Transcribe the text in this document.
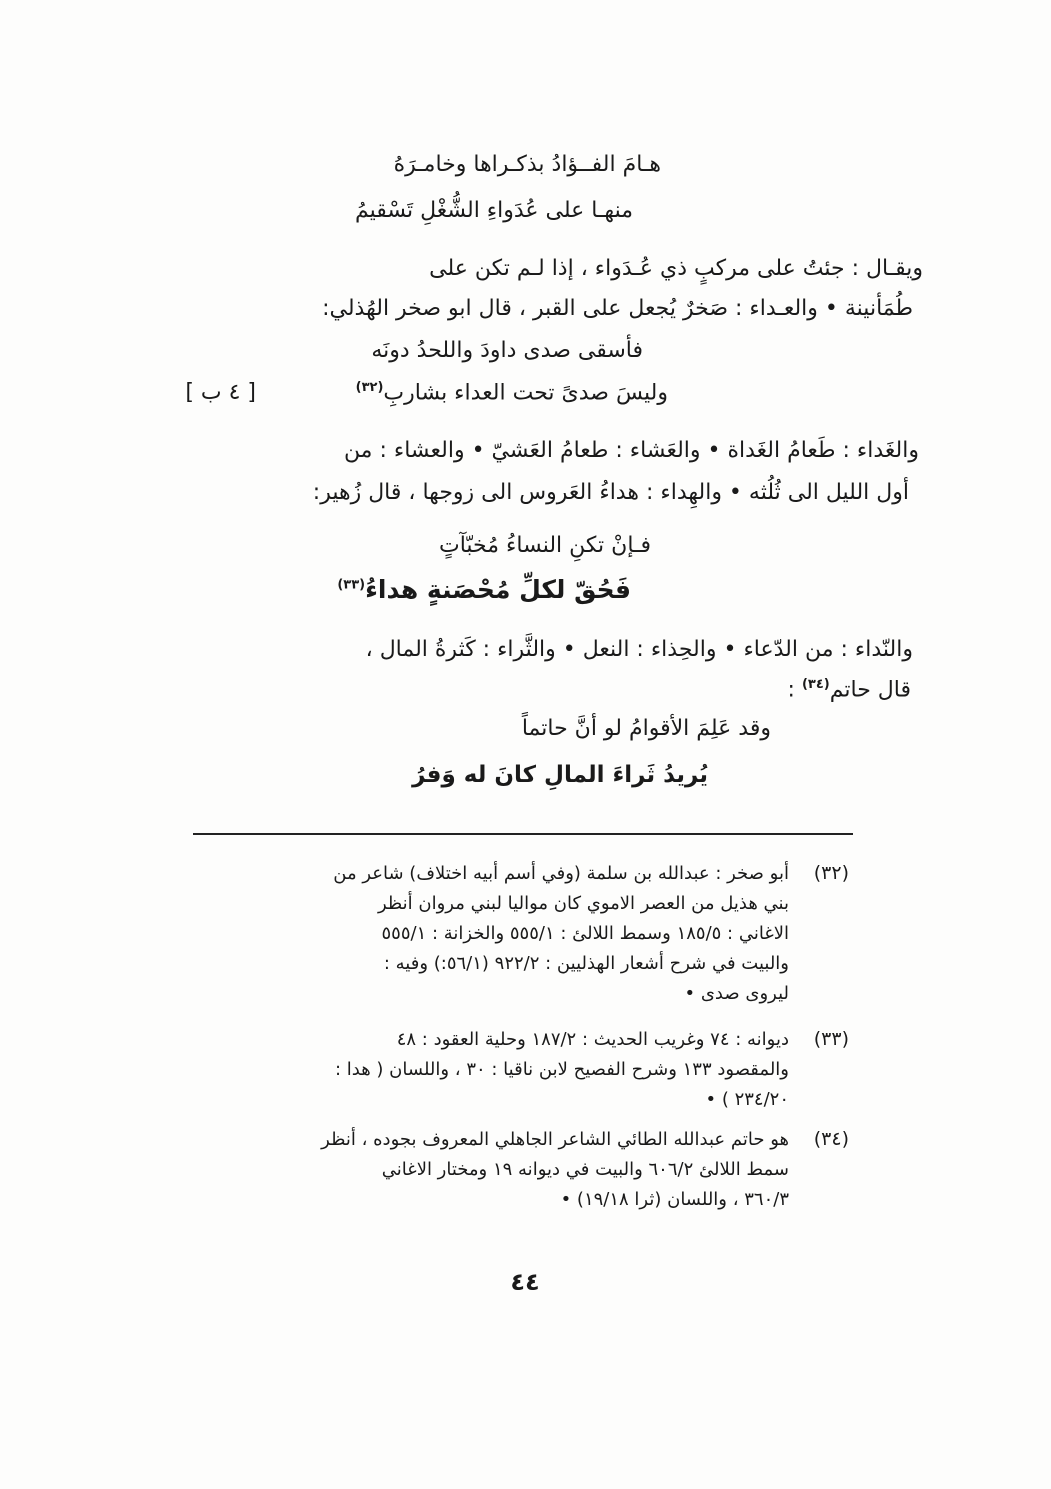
هـامَ الفــؤادُ بذكـراها وخامـرَهُ
منهـا على عُدَواءِ الشُّغْلِ تَسْقيمُ
ويقـال : جئتُ على مركبٍ ذي عُـدَواء ، إذا لـم تكن على
طُمَأنينة • والعـداء : صَخرٌ يُجعل على القبر ، قال ابو صخر الهُذلي:
فأسقى صدى داودَ واللحدُ دونَه
وليسَ صدىً تحت العداء بشاربِ$^{(٣٢)}$
[ ٤ ب ]
والغَداء : طَعامُ الغَداة • والعَشاء : طعامُ العَشيّ • والعشاء : من
أول الليل الى ثُلُثه • والهِداء : هداءُ العَروس الى زوجها ، قال زُهير:
فـإنْ تكنِ النساءُ مُخبّآتٍ
فَحُقّ لكلِّ مُحْصَنةٍ هداءُ$^{(٣٣)}$
والنّداء : من الدّعاء • والحِذاء : النعل • والثَّراء : كَثرةُ المال ،
قال حاتم$^{(٣٤)}$ :
وقد عَلِمَ الأقوامُ لو أنَّ حاتماً
يُريدُ ثَراءَ المالِ كانَ له وَفرُ
(٣٢)
أبو صخر : عبدالله بن سلمة (وفي أسم أبيه اختلاف) شاعر من
بني هذيل من العصر الاموي كان مواليا لبني مروان أنظر
الاغاني : ١٨٥/٥ وسمط اللالئ : ٥٥٥/١ والخزانة : ٥٥٥/١
والبيت في شرح أشعار الهذليين : ٩٢٢/٢ (٥٦/١:) وفيه :
ليروى صدى •
(٣٣)
ديوانه : ٧٤ وغريب الحديث : ١٨٧/٢ وحلية العقود : ٤٨
والمقصود ١٣٣ وشرح الفصيح لابن ناقيا : ٣٠ ، واللسان ( هدا :
٢٣٤/٢٠ ) •
(٣٤)
هو حاتم عبدالله الطائي الشاعر الجاهلي المعروف بجوده ، أنظر
سمط اللالئ ٦٠٦/٢ والبيت في ديوانه ١٩ ومختار الاغاني
٣٦٠/٣ ، واللسان (ثرا ١٩/١٨) •
٤٤
